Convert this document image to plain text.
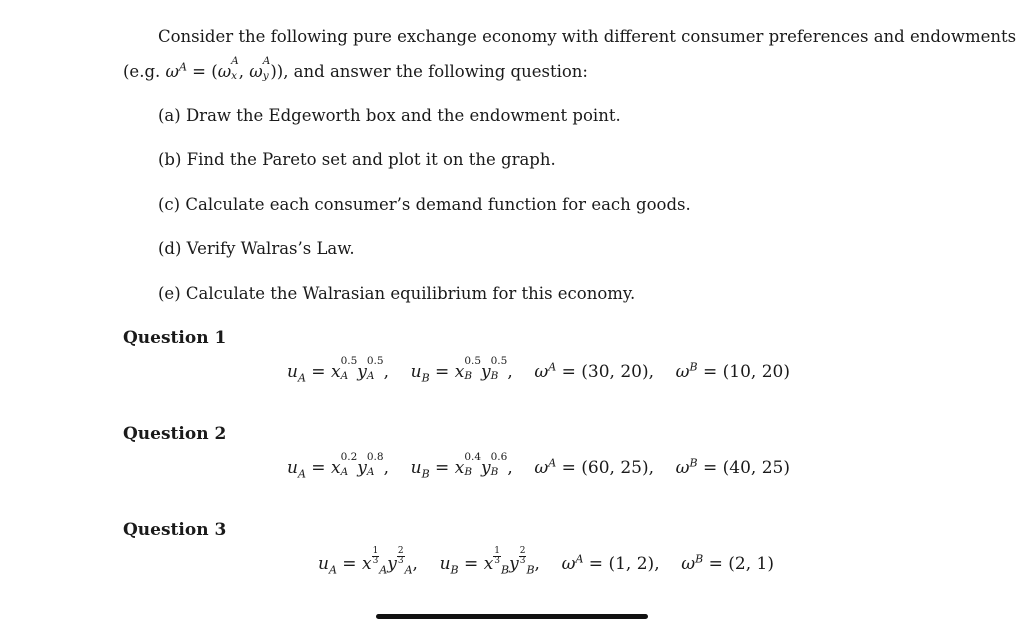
Consider the following pure exchange economy with different consumer preferences and endowments
(e.g. $\omega^A = (\omega$
A
x , ω
A
y )), and answer the following question:
(a) Draw the Edgeworth box and the endowment point.
(b) Find the Pareto set and plot it on the graph.
(c) Calculate each consumer’s demand function for each goods.
(d) Verify Walras’s Law.
(e) Calculate the Walrasian equilibrium for this economy.
Question 1
$u_A = x$
0.5
A y
0.5
A ,    $u_B = x$
0.5
B y
0.5
B ,    $\omega^A = (30$, 20),    $\omega^B = (10$, 20)
Question 2
$u_A = x$
0.2
A y
0.8
A ,    $u_B = x$
0.4
B y
0.6
B ,    $\omega^A = (60$, 25),    $\omega^B = (40$, 25)
Question 3
$u_A = x \frac{1}{3}$
$_Ay \frac{2}{3}$
$_A$,    $u_B = x \frac{1}{3}$
$_By \frac{2}{3}$
$_B$,    $\omega^A = (1$, 2),    $\omega^B = (2$, 1)
